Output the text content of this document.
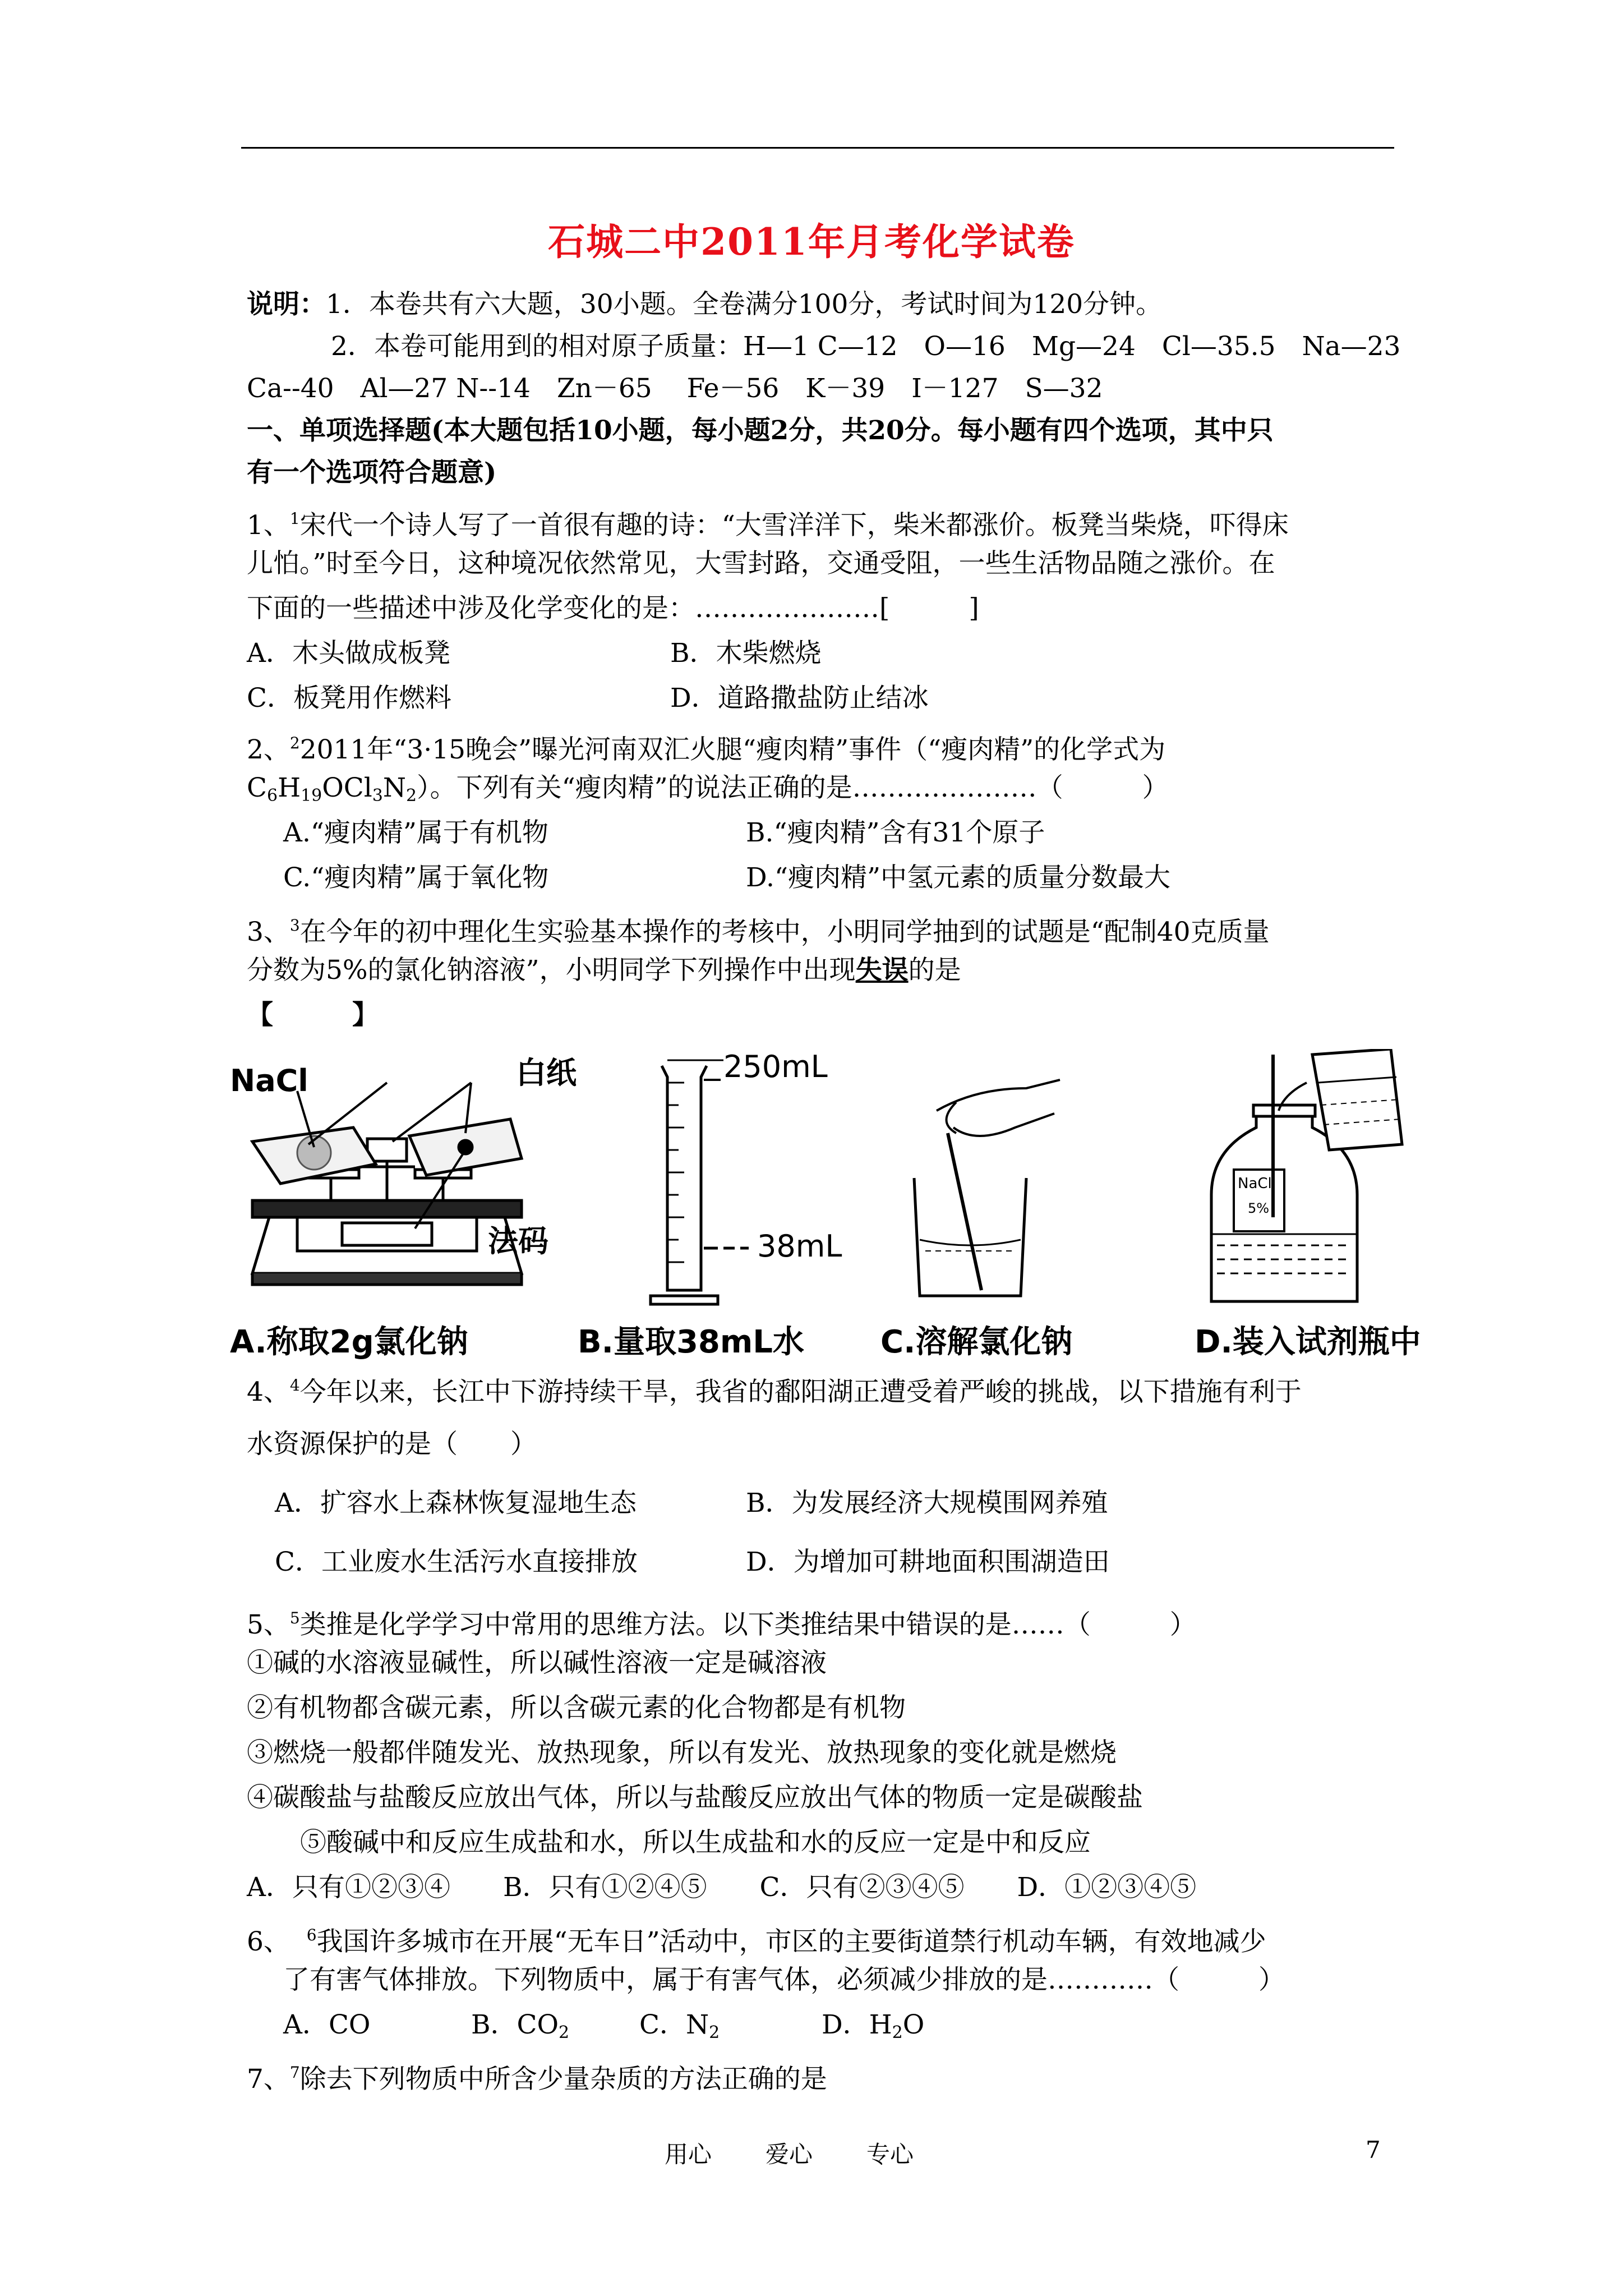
石城二中2011年月考化学试卷
说明：1．本卷共有六大题，30小题。全卷满分100分，考试时间为120分钟。
2．本卷可能用到的相对原子质量：H—1 C—12　O—16　Mg—24　Cl—35.5　Na—23
Ca--40　Al—27 N--14　Zn－65　 Fe－56　K－39　I－127　S—32
一、单项选择题(本大题包括10小题，每小题2分，共20分。每小题有四个选项，其中只
有一个选项符合题意)
1、$^1$宋代一个诗人写了一首很有趣的诗：“大雪洋洋下，柴米都涨价。板凳当柴烧，吓得床
儿怕。”时至今日，这种境况依然常见，大雪封路，交通受阻，一些生活物品随之涨价。在
下面的一些描述中涉及化学变化的是：…………………[　　　]
A．木头做成板凳	B．木柴燃烧
C．板凳用作燃料	D．道路撒盐防止结冰
2、$^2$2011年“3·15晚会”曝光河南双汇火腿“瘦肉精”事件（“瘦肉精”的化学式为
$C_6H_{19}OCl_3N_2$）。下列有关“瘦肉精”的说法正确的是…………………（　　　）
A.“瘦肉精”属于有机物	B.“瘦肉精”含有31个原子
C.“瘦肉精”属于氧化物	D.“瘦肉精”中氢元素的质量分数最大
3、$^3$在今年的初中理化生实验基本操作的考核中，小明同学抽到的试题是“配制40克质量
分数为5%的氯化钠溶液”，小明同学下列操作中出现失误的是
【　　　】
NaCl	白纸
法码
250mL
38mL
NaCl
5%
A.称取2g氯化钠	B.量取38mL水 C.溶解氯化钠	D.装入试剂瓶中
4、$^4$今年以来，长江中下游持续干旱，我省的鄱阳湖正遭受着严峻的挑战，以下措施有利于
水资源保护的是（　　）
A．扩容水上森林恢复湿地生态	B．为发展经济大规模围网养殖
C．工业废水生活污水直接排放	D．为增加可耕地面积围湖造田
5、$^5$类推是化学学习中常用的思维方法。以下类推结果中错误的是……（　　　）
①碱的水溶液显碱性，所以碱性溶液一定是碱溶液
②有机物都含碳元素，所以含碳元素的化合物都是有机物
③燃烧一般都伴随发光、放热现象，所以有发光、放热现象的变化就是燃烧
④碳酸盐与盐酸反应放出气体，所以与盐酸反应放出气体的物质一定是碳酸盐
⑤酸碱中和反应生成盐和水，所以生成盐和水的反应一定是中和反应
A．只有①②③④　　B．只有①②④⑤　　C．只有②③④⑤　　D．①②③④⑤
6、 $^6$我国许多城市在开展“无车日”活动中，市区的主要街道禁行机动车辆，有效地减少
了有害气体排放。下列物质中，属于有害气体，必须减少排放的是…………（　　　）
A．CO	B．$CO_2$	C．$N_2$	D．$H_2O$
7、$^7$除去下列物质中所含少量杂质的方法正确的是
用心 爱心 专心	7
